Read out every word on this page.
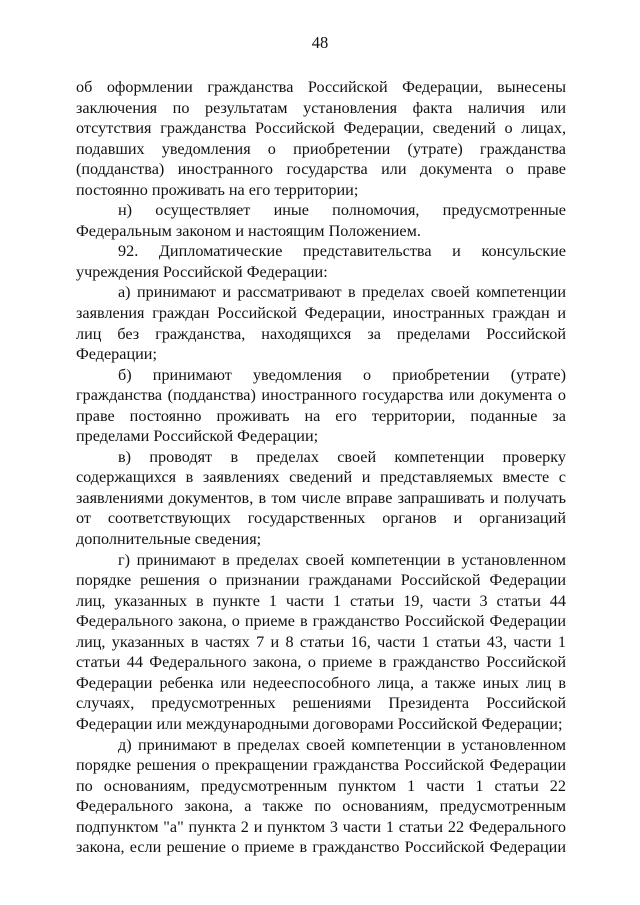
48

об оформлении гражданства Российской Федерации, вынесены заключения по результатам установления факта наличия или отсутствия гражданства Российской Федерации, сведений о лицах, подавших уведомления о приобретении (утрате) гражданства (подданства) иностранного государства или документа о праве постоянно проживать на его территории;

н) осуществляет иные полномочия, предусмотренные Федеральным законом и настоящим Положением.

92. Дипломатические представительства и консульские учреждения Российской Федерации:

а) принимают и рассматривают в пределах своей компетенции заявления граждан Российской Федерации, иностранных граждан и лиц без гражданства, находящихся за пределами Российской Федерации;

б) принимают уведомления о приобретении (утрате) гражданства (подданства) иностранного государства или документа о праве постоянно проживать на его территории, поданные за пределами Российской Федерации;

в) проводят в пределах своей компетенции проверку содержащихся в заявлениях сведений и представляемых вместе с заявлениями документов, в том числе вправе запрашивать и получать от соответствующих государственных органов и организаций дополнительные сведения;

г) принимают в пределах своей компетенции в установленном порядке решения о признании гражданами Российской Федерации лиц, указанных в пункте 1 части 1 статьи 19, части 3 статьи 44 Федерального закона, о приеме в гражданство Российской Федерации лиц, указанных в частях 7 и 8 статьи 16, части 1 статьи 43, части 1 статьи 44 Федерального закона, о приеме в гражданство Российской Федерации ребенка или недееспособного лица, а также иных лиц в случаях, предусмотренных решениями Президента Российской Федерации или международными договорами Российской Федерации;

д) принимают в пределах своей компетенции в установленном порядке решения о прекращении гражданства Российской Федерации по основаниям, предусмотренным пунктом 1 части 1 статьи 22 Федерального закона, а также по основаниям, предусмотренным подпунктом "а" пункта 2 и пунктом 3 части 1 статьи 22 Федерального закона, если решение о приеме в гражданство Российской Федерации
